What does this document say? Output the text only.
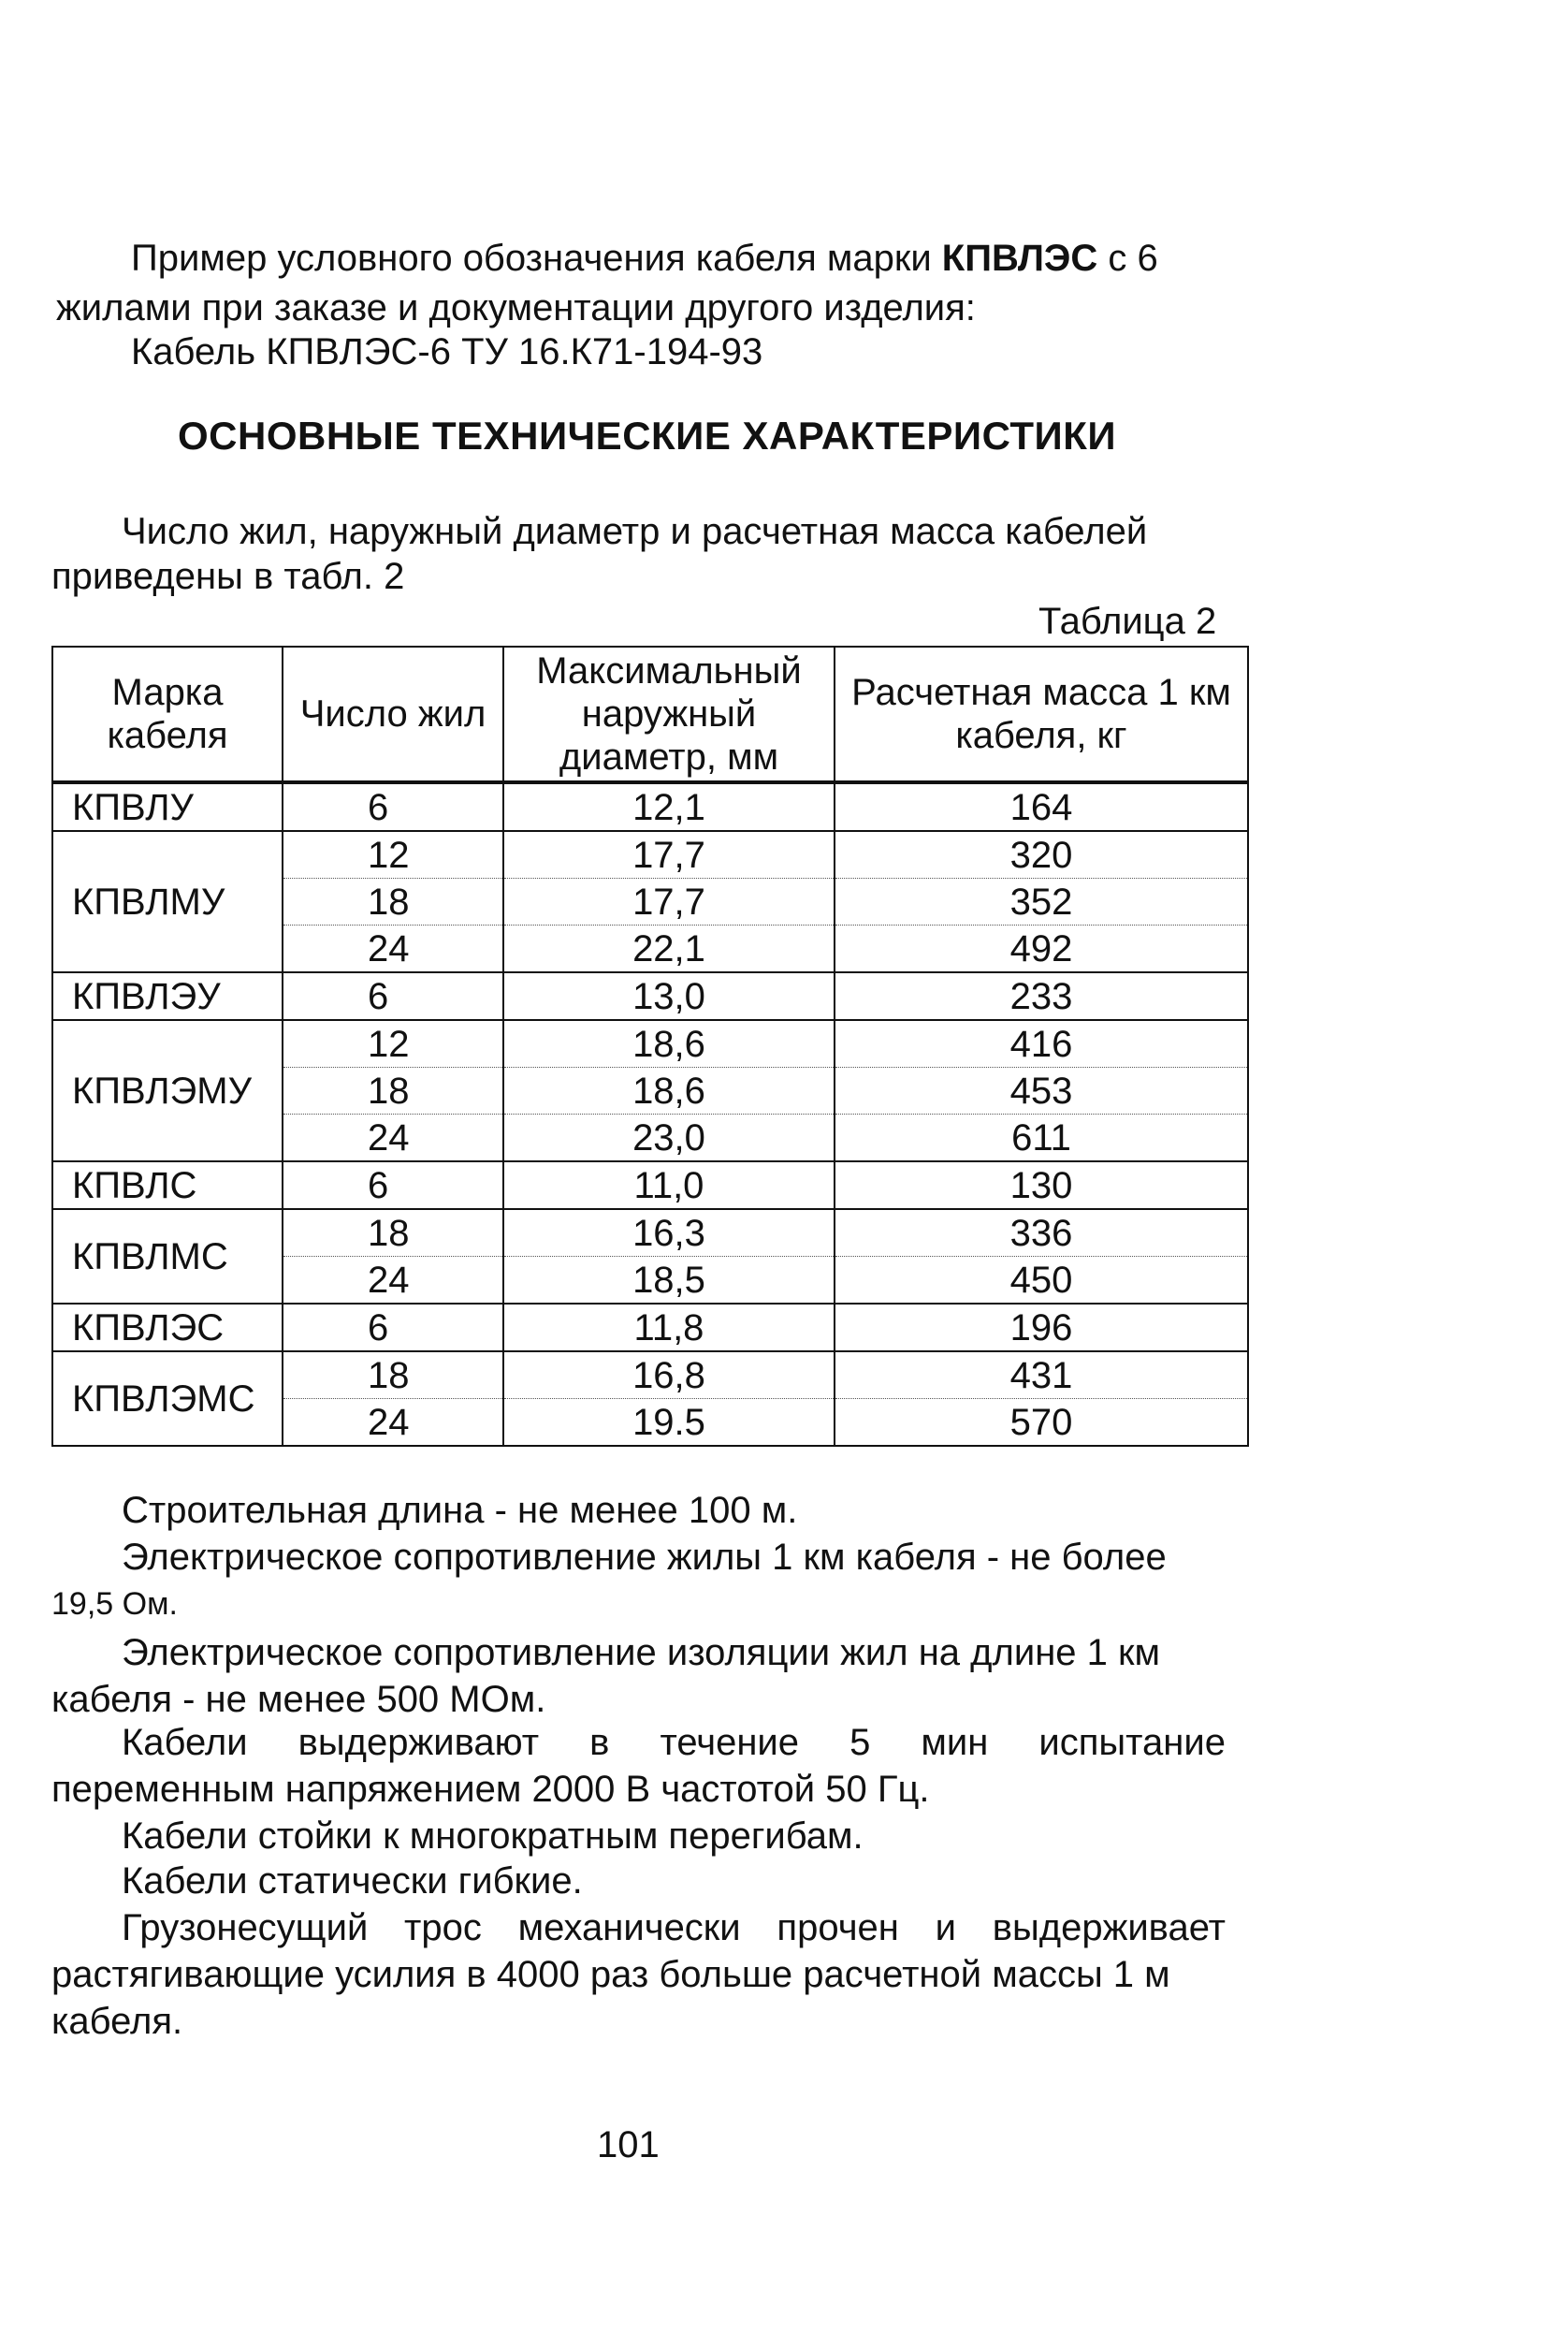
Пример условного обозначения кабеля марки КПВЛЭС с 6
жилами при заказе и документации другого изделия:
Кабель КПВЛЭС-6 ТУ 16.К71-194-93
ОСНОВНЫЕ ТЕХНИЧЕСКИЕ ХАРАКТЕРИСТИКИ
Число жил, наружный диаметр и расчетная масса кабелей
приведены в табл. 2
Таблица 2
Марка кабеля	Число жил	Максимальный наружный диаметр, мм	Расчетная масса 1 км кабеля, кг
КПВЛУ	6	12,1	164
КПВЛМУ	12	17,7	320
	18	17,7	352
	24	22,1	492
КПВЛЭУ	6	13,0	233
КПВЛЭМУ	12	18,6	416
	18	18,6	453
	24	23,0	611
КПВЛС	6	11,0	130
КПВЛМС	18	16,3	336
	24	18,5	450
КПВЛЭС	6	11,8	196
КПВЛЭМС	18	16,8	431
	24	19.5	570
Строительная длина - не менее 100 м.
Электрическое сопротивление жилы 1 км кабеля - не более
19,5 Ом.
Электрическое сопротивление изоляции жил на длине 1 км
кабеля - не менее 500 МОм.
Кабели выдерживают в течение 5 мин испытание
переменным напряжением 2000 В частотой 50 Гц.
Кабели стойки к многократным перегибам.
Кабели статически гибкие.
Грузонесущий трос механически прочен и выдерживает
растягивающие усилия в 4000 раз больше расчетной массы 1 м
кабеля.
101
